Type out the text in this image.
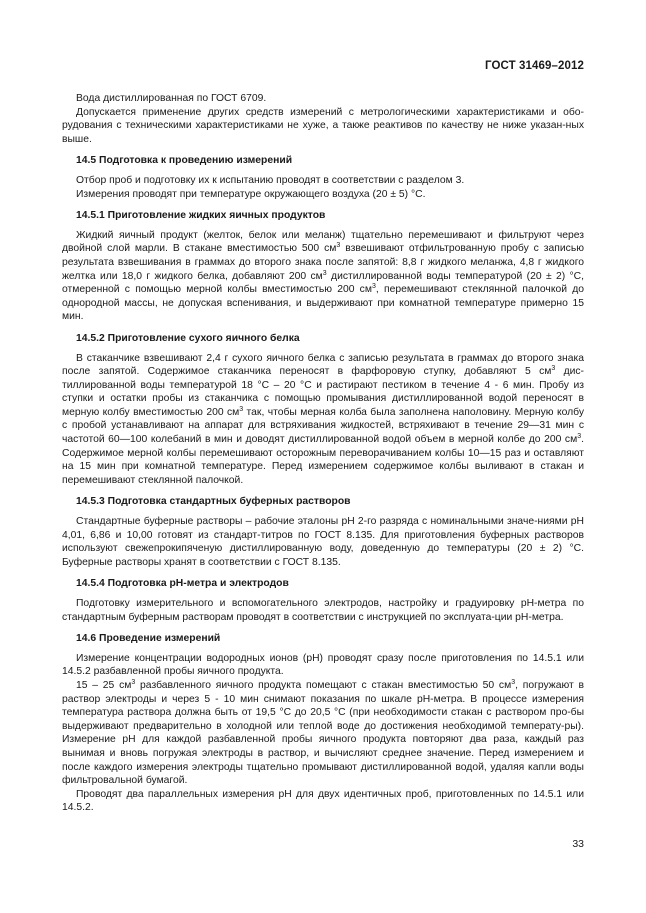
ГОСТ 31469–2012

Вода дистиллированная по ГОСТ 6709.

Допускается применение других средств измерений с метрологическими характеристиками и обо-рудования с техническими характеристиками не хуже, а также реактивов по качеству не ниже указан-ных выше.

14.5 Подготовка к проведению измерений

Отбор проб и подготовку их к испытанию проводят в соответствии с разделом 3.

Измерения проводят при температуре окружающего воздуха (20 ± 5) °С.

14.5.1 Приготовление жидких яичных продуктов

Жидкий яичный продукт (желток, белок или меланж) тщательно перемешивают и фильтруют через двойной слой марли. В стакане вместимостью 500 $см^3$ взвешивают отфильтрованную пробу с записью результата взвешивания в граммах до второго знака после запятой: 8,8 г жидкого меланжа, 4,8 г жидкого желтка или 18,0 г жидкого белка, добавляют 200 $см^3$ дистиллированной воды температурой (20 ± 2) °С, отмеренной с помощью мерной колбы вместимостью 200 $см^3$, перемешивают стеклянной палочкой до однородной массы, не допуская вспенивания, и выдерживают при комнатной температуре примерно 15 мин.

14.5.2 Приготовление сухого яичного белка

В стаканчике взвешивают 2,4 г сухого яичного белка с записью результата в граммах до второго знака после запятой. Содержимое стаканчика переносят в фарфоровую ступку, добавляют 5 $см^3$ дис-тиллированной воды температурой 18 °С – 20 °С и растирают пестиком в течение 4 - 6 мин. Пробу из ступки и остатки пробы из стаканчика с помощью промывания дистиллированной водой переносят в мерную колбу вместимостью 200 $см^3$ так, чтобы мерная колба была заполнена наполовину. Мерную колбу с пробой устанавливают на аппарат для встряхивания жидкостей, встряхивают в течение 29—31 мин с частотой 60—100 колебаний в мин и доводят дистиллированной водой объем в мерной колбе до 200 $см^3$. Содержимое мерной колбы перемешивают осторожным переворачиванием колбы 10—15 раз и оставляют на 15 мин при комнатной температуре. Перед измерением содержимое колбы выливают в стакан и перемешивают стеклянной палочкой.

14.5.3 Подготовка стандартных буферных растворов

Стандартные буферные растворы – рабочие эталоны рН 2-го разряда с номинальными значе-ниями рН 4,01, 6,86 и 10,00 готовят из стандарт-титров по ГОСТ 8.135. Для приготовления буферных растворов используют свежепрокипяченую дистиллированную воду, доведенную до температуры (20 ± 2) °С. Буферные растворы хранят в соответствии с ГОСТ 8.135.

14.5.4 Подготовка рН-метра и электродов

Подготовку измерительного и вспомогательного электродов, настройку и градуировку рН-метра по стандартным буферным растворам проводят в соответствии с инструкцией по эксплуата-ции рН-метра.

14.6 Проведение измерений

Измерение концентрации водородных ионов (рН) проводят сразу после приготовления по 14.5.1 или 14.5.2 разбавленной пробы яичного продукта.

15 – 25 $см^3$ разбавленного яичного продукта помещают с стакан вместимостью 50 $см^3$, погружают в раствор электроды и через 5 - 10 мин снимают показания по шкале рН-метра. В процессе измерения температура раствора должна быть от 19,5 °С до 20,5 °С (при необходимости стакан с раствором про-бы выдерживают предварительно в холодной или теплой воде до достижения необходимой температу-ры). Измерение рН для каждой разбавленной пробы яичного продукта повторяют два раза, каждый раз вынимая и вновь погружая электроды в раствор, и вычисляют среднее значение. Перед измерением и после каждого измерения электроды тщательно промывают дистиллированной водой, удаляя капли воды фильтровальной бумагой.

Проводят два параллельных измерения рН для двух идентичных проб, приготовленных по 14.5.1 или 14.5.2.

33
